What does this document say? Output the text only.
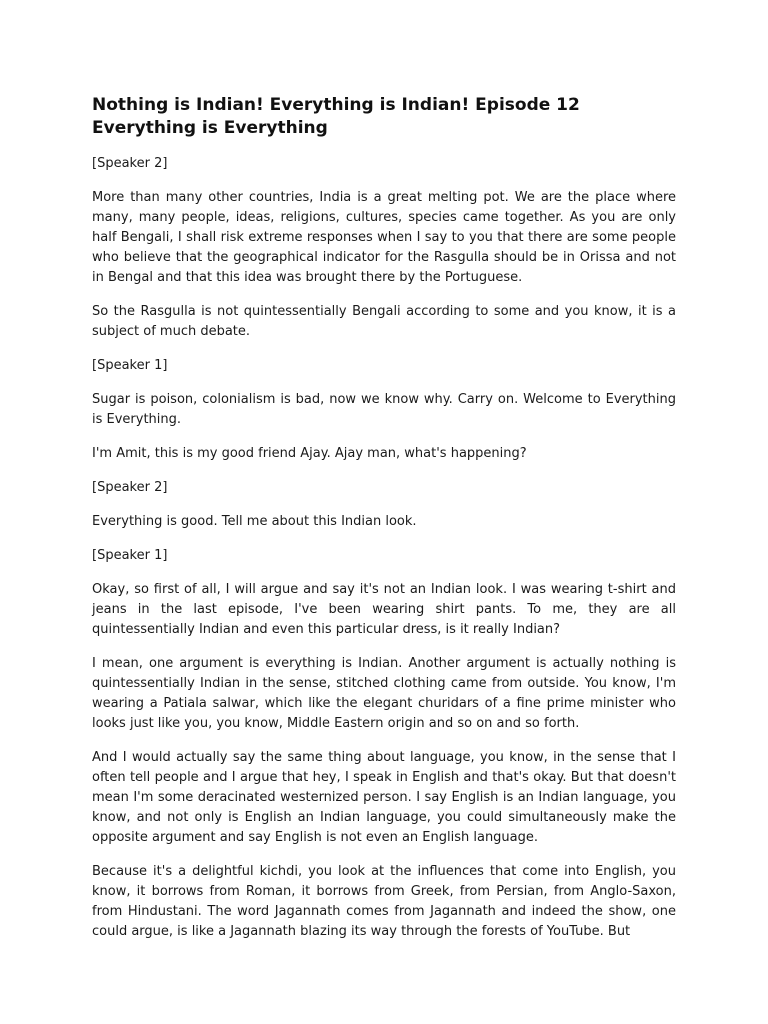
Nothing is Indian! Everything is Indian! Episode 12 Everything is Everything

[Speaker 2]

More than many other countries, India is a great melting pot. We are the place where many, many people, ideas, religions, cultures, species came together. As you are only half Bengali, I shall risk extreme responses when I say to you that there are some people who believe that the geographical indicator for the Rasgulla should be in Orissa and not in Bengal and that this idea was brought there by the Portuguese.

So the Rasgulla is not quintessentially Bengali according to some and you know, it is a subject of much debate.

[Speaker 1]

Sugar is poison, colonialism is bad, now we know why. Carry on. Welcome to Everything is Everything.

I'm Amit, this is my good friend Ajay. Ajay man, what's happening?

[Speaker 2]

Everything is good. Tell me about this Indian look.

[Speaker 1]

Okay, so first of all, I will argue and say it's not an Indian look. I was wearing t-shirt and jeans in the last episode, I've been wearing shirt pants. To me, they are all quintessentially Indian and even this particular dress, is it really Indian?

I mean, one argument is everything is Indian. Another argument is actually nothing is quintessentially Indian in the sense, stitched clothing came from outside. You know, I'm wearing a Patiala salwar, which like the elegant churidars of a fine prime minister who looks just like you, you know, Middle Eastern origin and so on and so forth.

And I would actually say the same thing about language, you know, in the sense that I often tell people and I argue that hey, I speak in English and that's okay. But that doesn't mean I'm some deracinated westernized person. I say English is an Indian language, you know, and not only is English an Indian language, you could simultaneously make the opposite argument and say English is not even an English language.

Because it's a delightful kichdi, you look at the influences that come into English, you know, it borrows from Roman, it borrows from Greek, from Persian, from Anglo-Saxon, from Hindustani. The word Jagannath comes from Jagannath and indeed the show, one could argue, is like a Jagannath blazing its way through the forests of YouTube. But
